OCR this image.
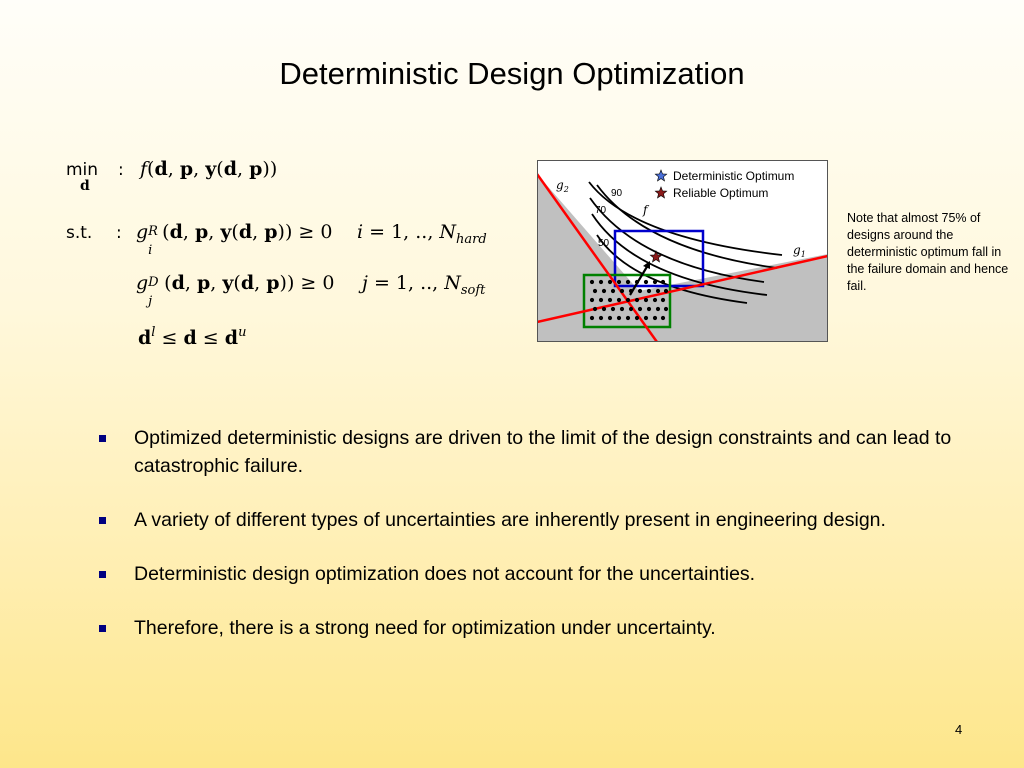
Deterministic Design Optimization
min
d
: f(d, p, y(d, p))
s.t. : g R
i
(d, p, y(d, p)) ≥ 0 i = 1, .., $N_{hard}$
g D
j
(d, p, y(d, p)) ≥ 0 j = 1, .., $N_{soft}$
$d^l \le d \le d^u$
Deterministic Optimum
Reliable Optimum
$g_2$
$g_1$
f
90
70
50
Note that almost 75% of designs around the deterministic optimum fall in the failure domain and hence fail.
Optimized deterministic designs are driven to the limit of the design constraints and can lead to catastrophic failure.
A variety of different types of uncertainties are inherently present in engineering design.
Deterministic design optimization does not account for the uncertainties.
Therefore, there is a strong need for optimization under uncertainty.
4
